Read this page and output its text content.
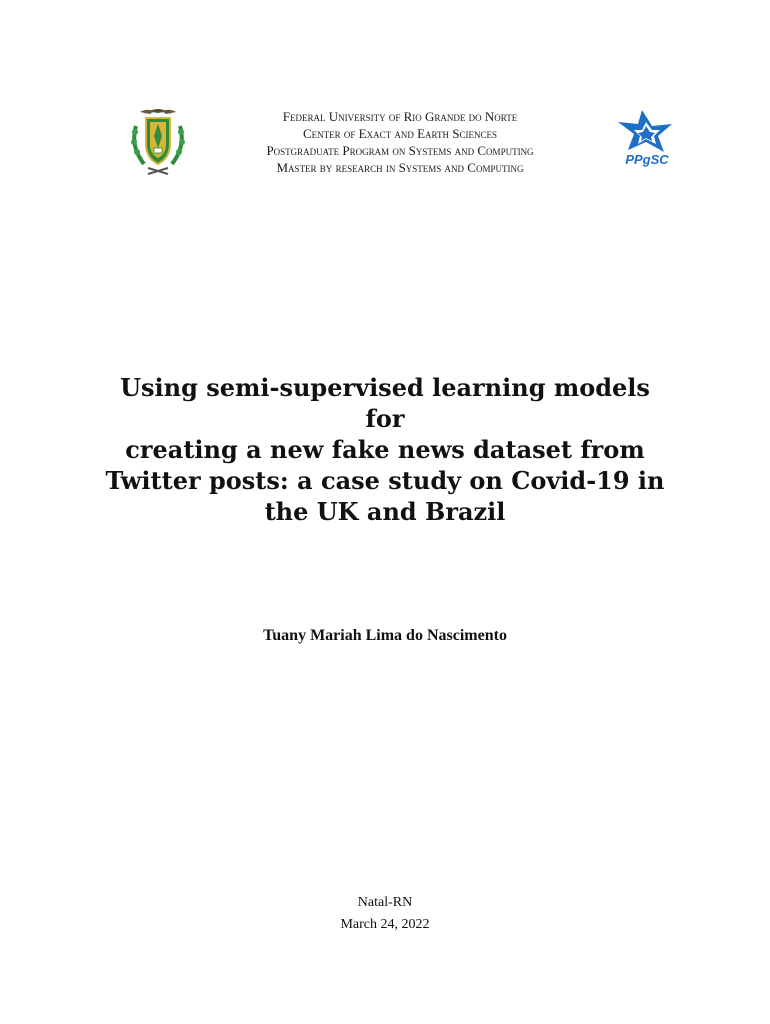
Federal University of Rio Grande do Norte
Center of Exact and Earth Sciences
Postgraduate Program on Systems and Computing
Master by research in Systems and Computing
PPgSC
Using semi-supervised learning models for
creating a new fake news dataset from
Twitter posts: a case study on Covid-19 in
the UK and Brazil
Tuany Mariah Lima do Nascimento
Natal-RN
March 24, 2022
